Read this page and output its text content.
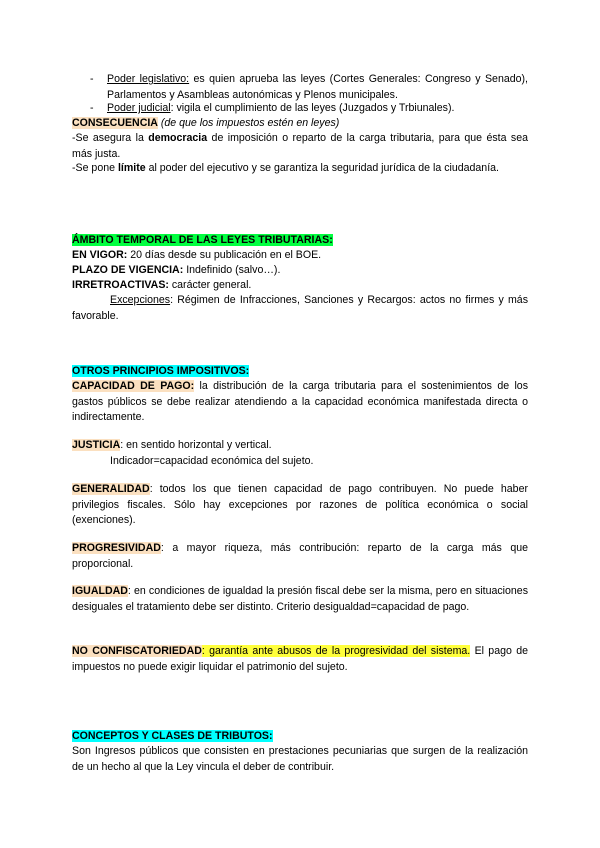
- Poder legislativo: es quien aprueba las leyes (Cortes Generales: Congreso y Senado), Parlamentos y Asambleas autonómicas y Plenos municipales.
- Poder judicial: vigila el cumplimiento de las leyes (Juzgados y Trbiunales).
CONSECUENCIA (de que los impuestos estén en leyes)
-Se asegura la democracia de imposición o reparto de la carga tributaria, para que ésta sea más justa.
-Se pone límite al poder del ejecutivo y se garantiza la seguridad jurídica de la ciudadanía.
ÁMBITO TEMPORAL DE LAS LEYES TRIBUTARIAS:
EN VIGOR: 20 días desde su publicación en el BOE.
PLAZO DE VIGENCIA: Indefinido (salvo…).
IRRETROACTIVAS: carácter general.
Excepciones: Régimen de Infracciones, Sanciones y Recargos: actos no firmes y más favorable.
OTROS PRINCIPIOS IMPOSITIVOS:
CAPACIDAD DE PAGO: la distribución de la carga tributaria para el sostenimientos de los gastos públicos se debe realizar atendiendo a la capacidad económica manifestada directa o indirectamente.
JUSTICIA: en sentido horizontal y vertical.
Indicador=capacidad económica del sujeto.
GENERALIDAD: todos los que tienen capacidad de pago contribuyen. No puede haber privilegios fiscales. Sólo hay excepciones por razones de política económica o social (exenciones).
PROGRESIVIDAD: a mayor riqueza, más contribución: reparto de la carga más que proporcional.
IGUALDAD: en condiciones de igualdad la presión fiscal debe ser la misma, pero en situaciones desiguales el tratamiento debe ser distinto. Criterio desigualdad=capacidad de pago.
NO CONFISCATORIEDAD: garantía ante abusos de la progresividad del sistema. El pago de impuestos no puede exigir liquidar el patrimonio del sujeto.
CONCEPTOS Y CLASES DE TRIBUTOS:
Son Ingresos públicos que consisten en prestaciones pecuniarias que surgen de la realización de un hecho al que la Ley vincula el deber de contribuir.
